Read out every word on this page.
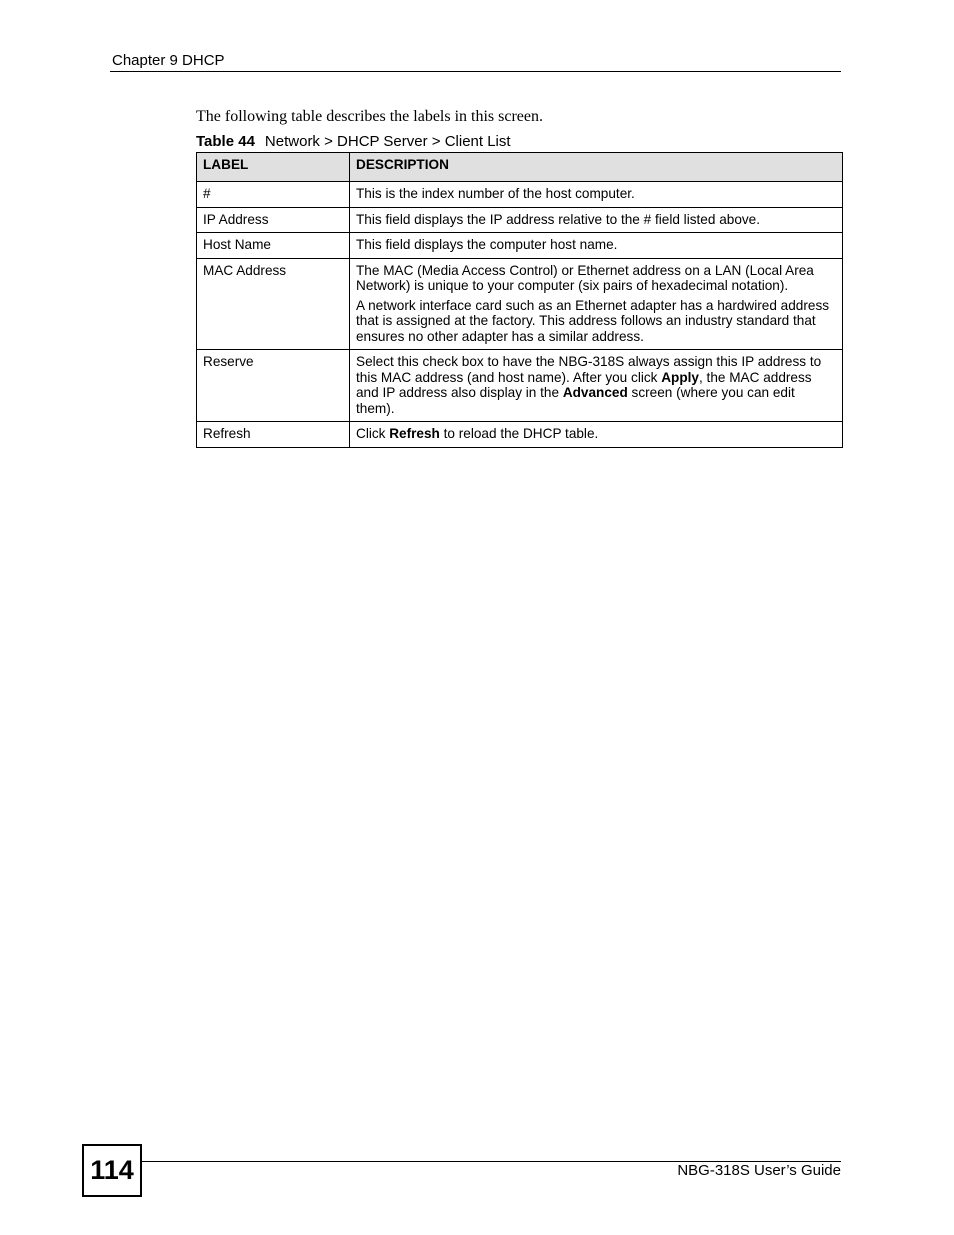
Chapter 9 DHCP
The following table describes the labels in this screen.
Table 44 Network > DHCP Server > Client List
LABEL	DESCRIPTION
#	This is the index number of the host computer.

IP Address	This field displays the IP address relative to the # field listed above.

Host Name	This field displays the computer host name.

MAC Address	The MAC (Media Access Control) or Ethernet address on a LAN (Local Area Network) is unique to your computer (six pairs of hexadecimal notation).

A network interface card such as an Ethernet adapter has a hardwired address that is assigned at the factory. This address follows an industry standard that ensures no other adapter has a similar address.

Reserve	Select this check box to have the NBG-318S always assign this IP address to this MAC address (and host name). After you click Apply, the MAC address and IP address also display in the Advanced screen (where you can edit them).

Refresh	Click Refresh to reload the DHCP table.

114	NBG-318S User’s Guide
